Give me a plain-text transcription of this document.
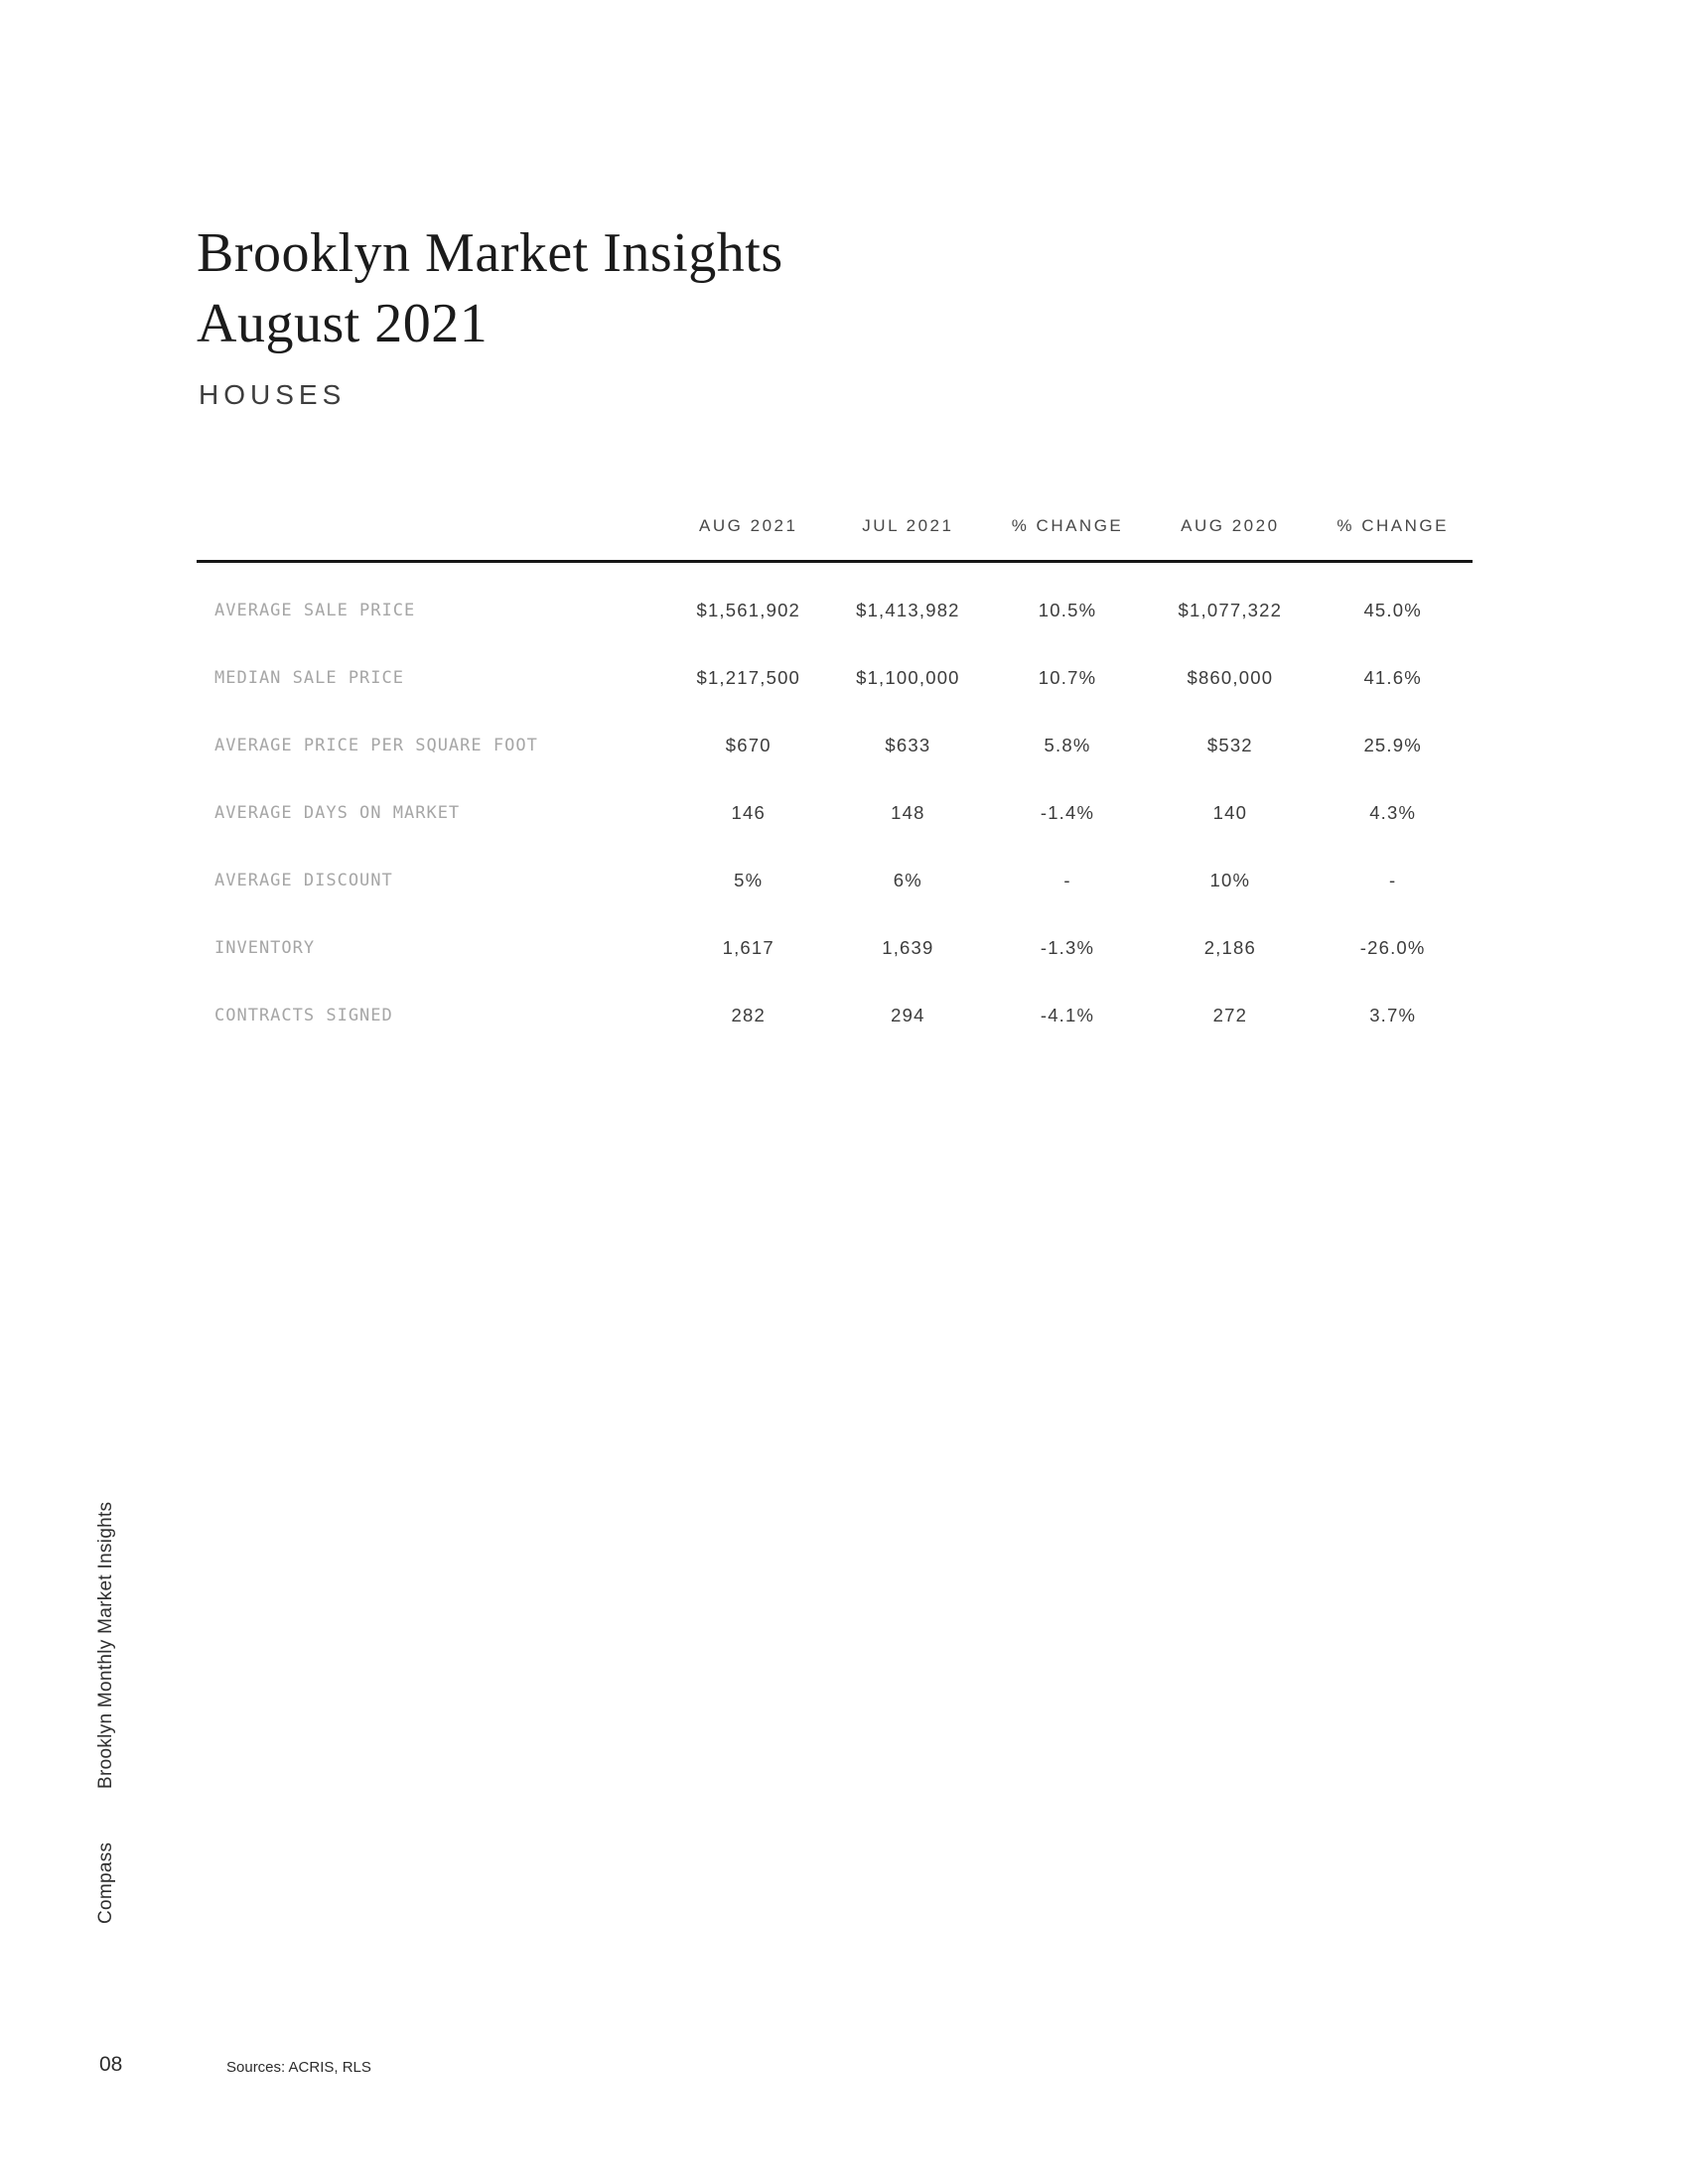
Brooklyn Market Insights
August 2021
HOUSES
AUG 2021	JUL 2021	% CHANGE	AUG 2020	% CHANGE
AVERAGE SALE PRICE	$1,561,902	$1,413,982	10.5%	$1,077,322	45.0%
MEDIAN SALE PRICE	$1,217,500	$1,100,000	10.7%	$860,000	41.6%
AVERAGE PRICE PER SQUARE FOOT	$670	$633	5.8%	$532	25.9%
AVERAGE DAYS ON MARKET	146	148	-1.4%	140	4.3%
AVERAGE DISCOUNT	5%	6%	-	10%	-
INVENTORY	1,617	1,639	-1.3%	2,186	-26.0%
CONTRACTS SIGNED	282	294	-4.1%	272	3.7%
Brooklyn Monthly Market Insights
Compass
08	Sources: ACRIS, RLS
